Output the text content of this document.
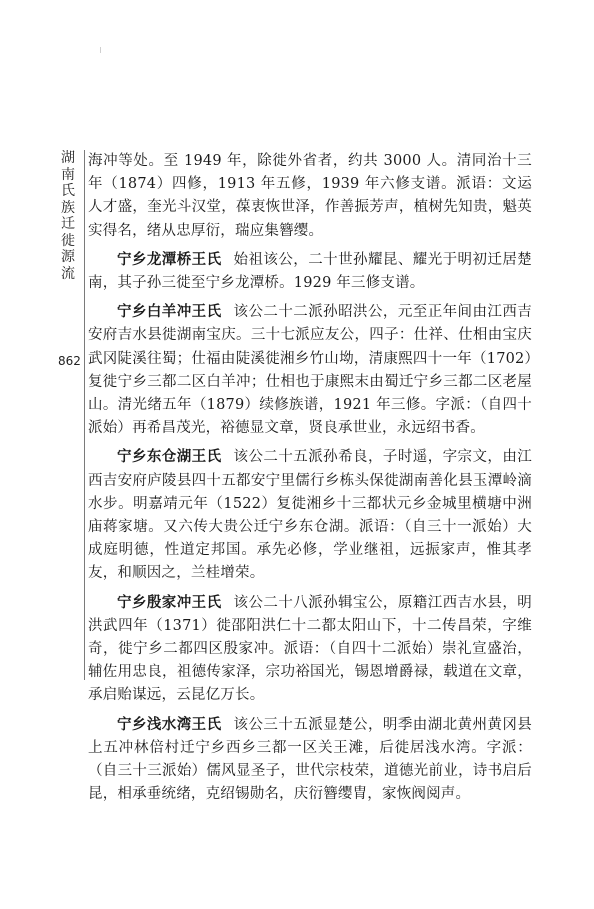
湖南氏族迁徙源流
862

海冲等处。至 1949 年，除徙外省者，约共 3000 人。清同治十三年（1874）四修，1913 年五修，1939 年六修支谱。派语：文运人才盛，奎光斗汉堂，葆衷恢世泽，作善振芳声，植树先知贵，魁英实得名，绪从忠厚衍，瑞应集簪缨。

宁乡龙潭桥王氏 始祖该公，二十世孙耀昆、耀光于明初迁居楚南，其子孙三徙至宁乡龙潭桥。1929 年三修支谱。

宁乡白羊冲王氏 该公二十二派孙昭洪公，元至正年间由江西吉安府吉水县徙湖南宝庆。三十七派应友公，四子：仕祥、仕相由宝庆武冈陡溪往蜀；仕福由陡溪徙湘乡竹山坳，清康熙四十一年（1702）复徙宁乡三都二区白羊冲；仕相也于康熙末由蜀迁宁乡三都二区老屋山。清光绪五年（1879）续修族谱，1921 年三修。字派：（自四十派始）再希昌茂光，裕德显文章，贤良承世业，永远绍书香。

宁乡东仓湖王氏 该公二十五派孙希良，子时遥，字宗文，由江西吉安府庐陵县四十五都安宁里儒行乡栋头保徙湖南善化县玉潭岭滴水步。明嘉靖元年（1522）复徙湘乡十三都状元乡金城里横塘中洲庙蒋家塘。又六传大贵公迁宁乡东仓湖。派语：（自三十一派始）大成庭明德，性道定邦国。承先必修，学业继祖，远振家声，惟其孝友，和顺因之，兰桂增荣。

宁乡殷家冲王氏 该公二十八派孙辑宝公，原籍江西吉水县，明洪武四年（1371）徙邵阳洪仁十二都太阳山下，十二传昌荣，字维奇，徙宁乡二都四区殷家冲。派语：（自四十二派始）崇礼宣盛治，辅佐用忠良，祖德传家泽，宗功裕国光，锡恩增爵禄，载道在文章，承启贻谋远，云昆亿万长。

宁乡浅水湾王氏 该公三十五派显楚公，明季由湖北黄州黄冈县上五冲林倍村迁宁乡西乡三都一区关王滩，后徙居浅水湾。字派：（自三十三派始）儒风显圣子，世代宗枝荣，道德光前业，诗书启后昆，相承垂统绪，克绍锡勋名，庆衍簪缨胄，家恢阀阅声。
